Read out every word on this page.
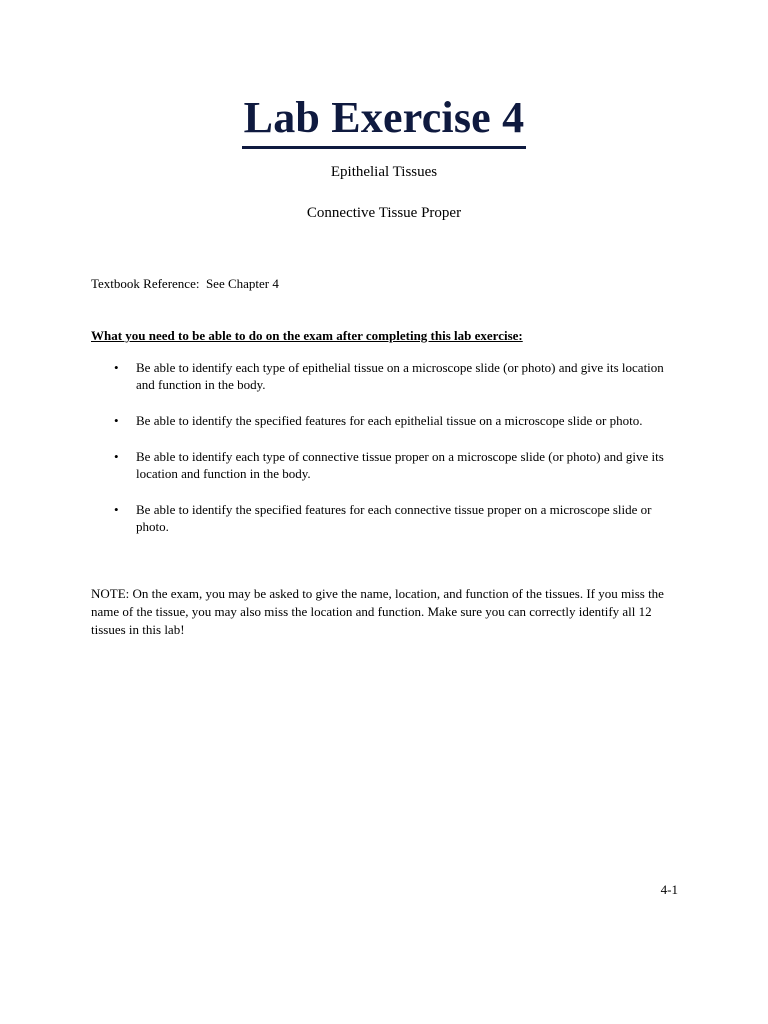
Lab Exercise 4
Epithelial Tissues
Connective Tissue Proper
Textbook Reference:  See Chapter 4
What you need to be able to do on the exam after completing this lab exercise:
• Be able to identify each type of epithelial tissue on a microscope slide (or photo) and give its location and function in the body.
• Be able to identify the specified features for each epithelial tissue on a microscope slide or photo.
• Be able to identify each type of connective tissue proper on a microscope slide (or photo) and give its location and function in the body.
• Be able to identify the specified features for each connective tissue proper on a microscope slide or photo.
NOTE: On the exam, you may be asked to give the name, location, and function of the tissues. If you miss the name of the tissue, you may also miss the location and function. Make sure you can correctly identify all 12 tissues in this lab!
4-1
